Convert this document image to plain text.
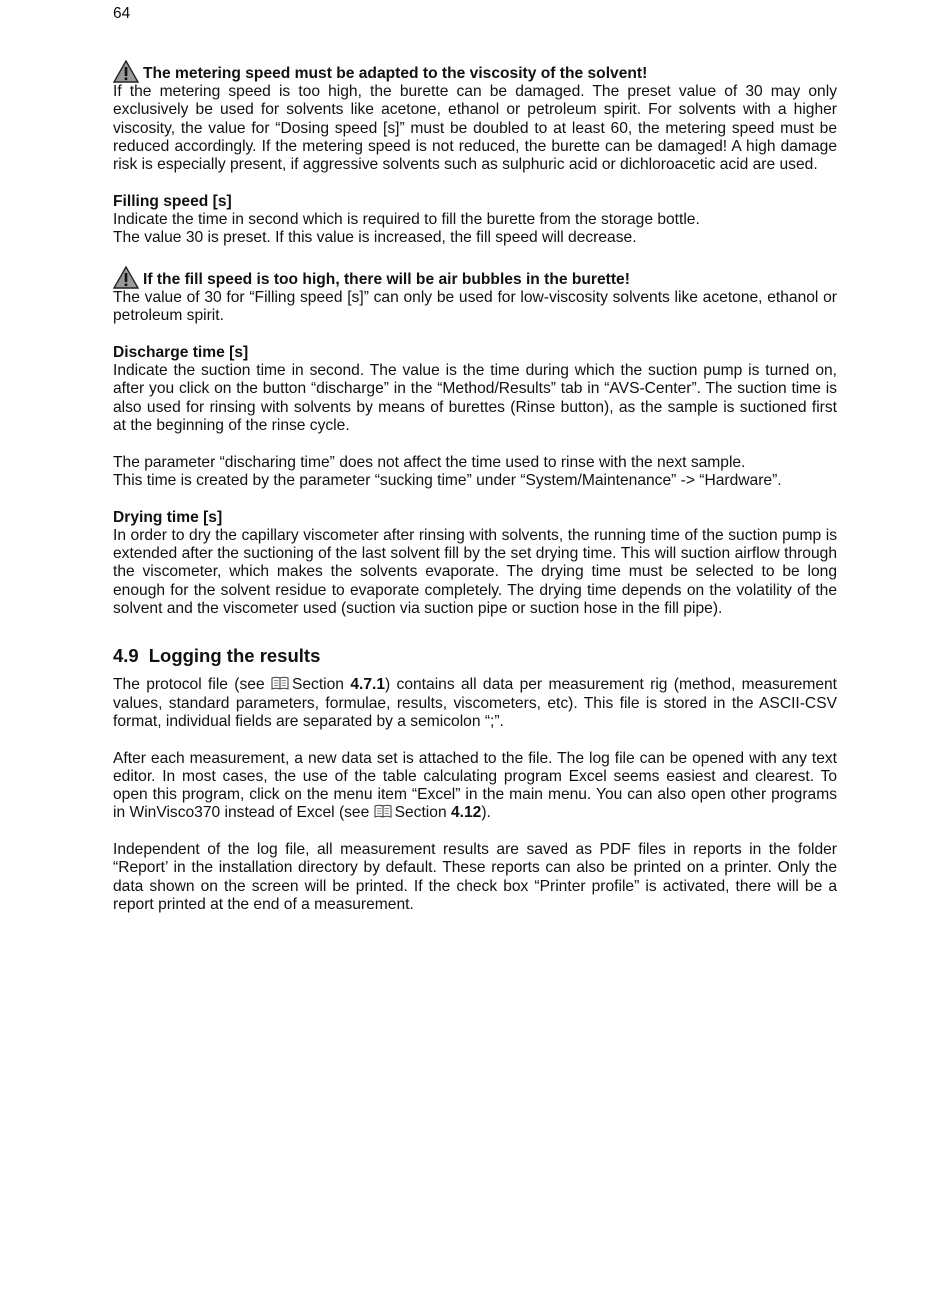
64
The metering speed must be adapted to the viscosity of the solvent!

If the metering speed is too high, the burette can be damaged. The preset value of 30 may only exclusively be used for solvents like acetone, ethanol or petroleum spirit. For solvents with a higher viscosity, the value for “Dosing speed [s]” must be doubled to at least 60, the metering speed must be reduced accordingly. If the metering speed is not reduced, the burette can be damaged! A high damage risk is especially present, if aggressive solvents such as sulphuric acid or dichloroacetic acid are used.

Filling speed [s]

Indicate the time in second which is required to fill the burette from the storage bottle.

The value 30 is preset. If this value is increased, the fill speed will decrease.

If the fill speed is too high, there will be air bubbles in the burette!

The value of 30 for “Filling speed [s]” can only be used for low-viscosity solvents like acetone, ethanol or petroleum spirit.

Discharge time [s]

Indicate the suction time in second. The value is the time during which the suction pump is turned on, after you click on the button “discharge” in the “Method/Results” tab in “AVS-Center”. The suction time is also used for rinsing with solvents by means of burettes (Rinse button), as the sample is suctioned first at the beginning of the rinse cycle.

The parameter “discharing time” does not affect the time used to rinse with the next sample.

This time is created by the parameter “sucking time” under “System/Maintenance” -> “Hardware”.

Drying time [s]

In order to dry the capillary viscometer after rinsing with solvents, the running time of the suction pump is extended after the suctioning of the last solvent fill by the set drying time. This will suction airflow through the viscometer, which makes the solvents evaporate. The drying time must be selected to be long enough for the solvent residue to evaporate completely. The drying time depends on the volatility of the solvent and the viscometer used (suction via suction pipe or suction hose in the fill pipe).

4.9 Logging the results

The protocol file (see Section 4.7.1) contains all data per measurement rig (method, measurement values, standard parameters, formulae, results, viscometers, etc). This file is stored in the ASCII-CSV format, individual fields are separated by a semicolon “;”.

After each measurement, a new data set is attached to the file. The log file can be opened with any text editor. In most cases, the use of the table calculating program Excel seems easiest and clearest. To open this program, click on the menu item “Excel” in the main menu. You can also open other programs in WinVisco370 instead of Excel (see Section 4.12).

Independent of the log file, all measurement results are saved as PDF files in reports in the folder “Report’ in the installation directory by default. These reports can also be printed on a printer. Only the data shown on the screen will be printed. If the check box “Printer profile” is activated, there will be a report printed at the end of a measurement.
